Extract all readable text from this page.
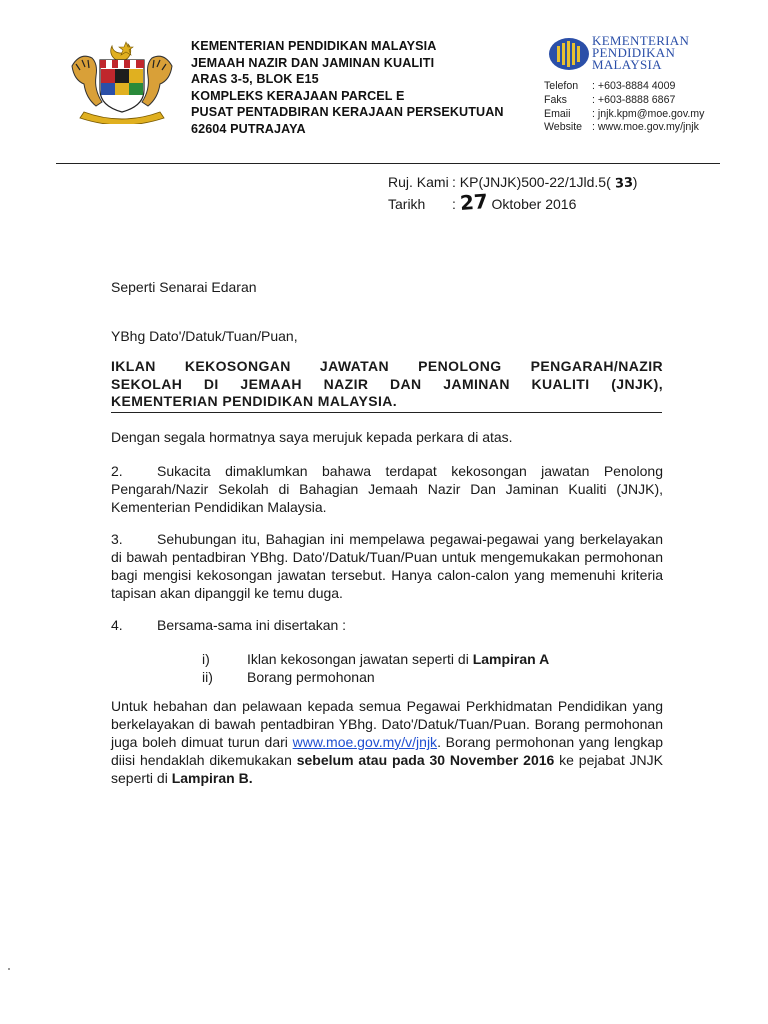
KEMENTERIAN PENDIDIKAN MALAYSIA
JEMAAH NAZIR DAN JAMINAN KUALITI
ARAS 3-5, BLOK E15
KOMPLEKS KERAJAAN PARCEL E
PUSAT PENTADBIRAN KERAJAAN PERSEKUTUAN
62604 PUTRAJAYA
KEMENTERIAN
PENDIDIKAN
MALAYSIA
Telefon : +603-8884 4009
Faks : +603-8888 6867
Emaii : jnjk.kpm@moe.gov.my
Website : www.moe.gov.my/jnjk
Ruj. Kami : KP(JNJK)500-22/1Jld.5( 33)
Tarikh : 27 Oktober 2016
Seperti Senarai Edaran
YBhg Dato'/Datuk/Tuan/Puan,
IKLAN KEKOSONGAN JAWATAN PENOLONG PENGARAH/NAZIR
SEKOLAH DI JEMAAH NAZIR DAN JAMINAN KUALITI (JNJK),
KEMENTERIAN PENDIDIKAN MALAYSIA.
Dengan segala hormatnya saya merujuk kepada perkara di atas.
2. Sukacita dimaklumkan bahawa terdapat kekosongan jawatan Penolong Pengarah/Nazir Sekolah di Bahagian Jemaah Nazir Dan Jaminan Kualiti (JNJK), Kementerian Pendidikan Malaysia.
3. Sehubungan itu, Bahagian ini mempelawa pegawai-pegawai yang berkelayakan di bawah pentadbiran YBhg. Dato'/Datuk/Tuan/Puan untuk mengemukakan permohonan bagi mengisi kekosongan jawatan tersebut. Hanya calon-calon yang memenuhi kriteria tapisan akan dipanggil ke temu duga.
4. Bersama-sama ini disertakan :
i)	Iklan kekosongan jawatan seperti di Lampiran A
ii) Borang permohonan
Untuk hebahan dan pelawaan kepada semua Pegawai Perkhidmatan Pendidikan yang berkelayakan di bawah pentadbiran YBhg. Dato'/Datuk/Tuan/Puan. Borang permohonan juga boleh dimuat turun dari www.moe.gov.my/v/jnjk. Borang permohonan yang lengkap diisi hendaklah dikemukakan sebelum atau pada 30 November 2016 ke pejabat JNJK seperti di Lampiran B.
